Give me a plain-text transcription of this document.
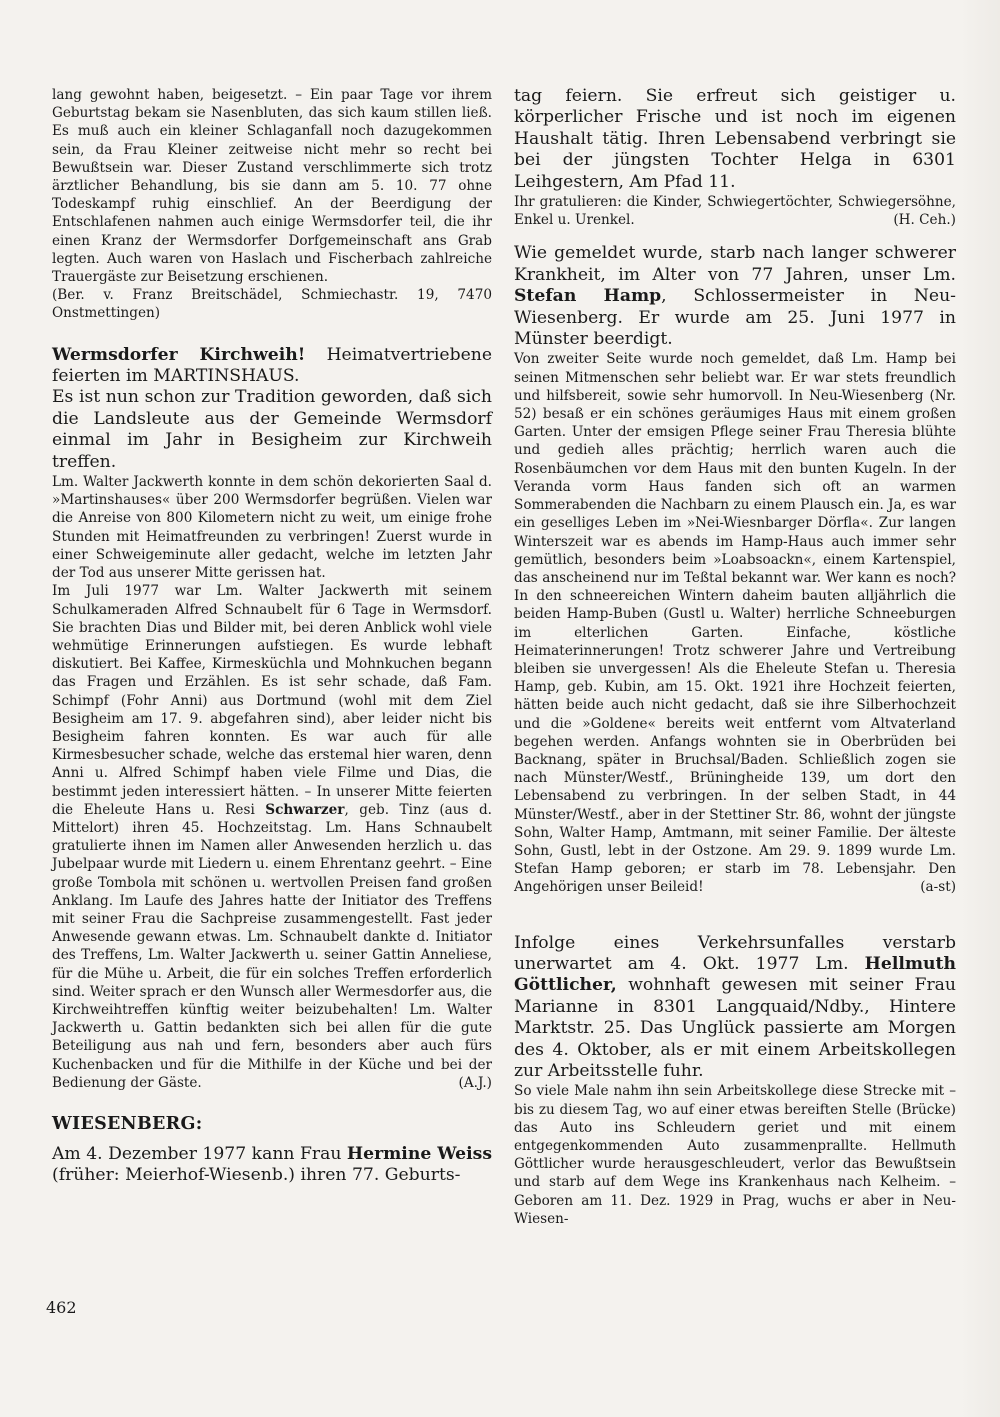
lang gewohnt haben, beigesetzt. – Ein paar Tage vor ihrem Geburtstag bekam sie Nasenbluten, das sich kaum stillen ließ. Es muß auch ein kleiner Schlaganfall noch dazugekommen sein, da Frau Kleiner zeitweise nicht mehr so recht bei Bewußtsein war. Dieser Zustand verschlimmerte sich trotz ärztlicher Behandlung, bis sie dann am 5. 10. 77 ohne Todeskampf ruhig einschlief. An der Beerdigung der Entschlafenen nahmen auch einige Wermsdorfer teil, die ihr einen Kranz der Wermsdorfer Dorfgemeinschaft ans Grab legten. Auch waren von Haslach und Fischerbach zahlreiche Trauergäste zur Beisetzung erschienen.

(Ber. v. Franz Breitschädel, Schmiechastr. 19, 7470 Onstmettingen)

Wermsdorfer Kirchweih! Heimatvertriebene feierten im MARTINSHAUS.

Es ist nun schon zur Tradition geworden, daß sich die Landsleute aus der Gemeinde Wermsdorf einmal im Jahr in Besigheim zur Kirchweih treffen.

Lm. Walter Jackwerth konnte in dem schön dekorierten Saal d. »Martinshauses« über 200 Wermsdorfer begrüßen. Vielen war die Anreise von 800 Kilometern nicht zu weit, um einige frohe Stunden mit Heimatfreunden zu verbringen! Zuerst wurde in einer Schweigeminute aller gedacht, welche im letzten Jahr der Tod aus unserer Mitte gerissen hat.

Im Juli 1977 war Lm. Walter Jackwerth mit seinem Schulkameraden Alfred Schnaubelt für 6 Tage in Wermsdorf. Sie brachten Dias und Bilder mit, bei deren Anblick wohl viele wehmütige Erinnerungen aufstiegen. Es wurde lebhaft diskutiert. Bei Kaffee, Kirmesküchla und Mohnkuchen begann das Fragen und Erzählen. Es ist sehr schade, daß Fam. Schimpf (Fohr Anni) aus Dortmund (wohl mit dem Ziel Besigheim am 17. 9. abgefahren sind), aber leider nicht bis Besigheim fahren konnten. Es war auch für alle Kirmesbesucher schade, welche das erstemal hier waren, denn Anni u. Alfred Schimpf haben viele Filme und Dias, die bestimmt jeden interessiert hätten. – In unserer Mitte feierten die Eheleute Hans u. Resi Schwarzer, geb. Tinz (aus d. Mittelort) ihren 45. Hochzeitstag. Lm. Hans Schnaubelt gratulierte ihnen im Namen aller Anwesenden herzlich u. das Jubelpaar wurde mit Liedern u. einem Ehrentanz geehrt. – Eine große Tombola mit schönen u. wertvollen Preisen fand großen Anklang. Im Laufe des Jahres hatte der Initiator des Treffens mit seiner Frau die Sachpreise zusammengestellt. Fast jeder Anwesende gewann etwas. Lm. Schnaubelt dankte d. Initiator des Treffens, Lm. Walter Jackwerth u. seiner Gattin Anneliese, für die Mühe u. Arbeit, die für ein solches Treffen erforderlich sind. Weiter sprach er den Wunsch aller Wermesdorfer aus, die Kirchweihtreffen künftig weiter beizubehalten! Lm. Walter Jackwerth u. Gattin bedankten sich bei allen für die gute Beteiligung aus nah und fern, besonders aber auch fürs Kuchenbacken und für die Mithilfe in der Küche und bei der Bedienung der Gäste.	(A.J.)

WIESENBERG:

Am 4. Dezember 1977 kann Frau Hermine Weiss (früher: Meierhof-Wiesenb.) ihren 77. Geburts-

tag feiern. Sie erfreut sich geistiger u. körperlicher Frische und ist noch im eigenen Haushalt tätig. Ihren Lebensabend verbringt sie bei der jüngsten Tochter Helga in 6301 Leihgestern, Am Pfad 11.

Ihr gratulieren: die Kinder, Schwiegertöchter, Schwiegersöhne, Enkel u. Urenkel.	(H. Ceh.)

Wie gemeldet wurde, starb nach langer schwerer Krankheit, im Alter von 77 Jahren, unser Lm. Stefan Hamp, Schlossermeister in Neu-Wiesenberg. Er wurde am 25. Juni 1977 in Münster beerdigt.

Von zweiter Seite wurde noch gemeldet, daß Lm. Hamp bei seinen Mitmenschen sehr beliebt war. Er war stets freundlich und hilfsbereit, sowie sehr humorvoll. In Neu-Wiesenberg (Nr. 52) besaß er ein schönes geräumiges Haus mit einem großen Garten. Unter der emsigen Pflege seiner Frau Theresia blühte und gedieh alles prächtig; herrlich waren auch die Rosenbäumchen vor dem Haus mit den bunten Kugeln. In der Veranda vorm Haus fanden sich oft an warmen Sommerabenden die Nachbarn zu einem Plausch ein. Ja, es war ein geselliges Leben im »Nei-Wiesnbarger Dörfla«. Zur langen Winterszeit war es abends im Hamp-Haus auch immer sehr gemütlich, besonders beim »Loabsoackn«, einem Kartenspiel, das anscheinend nur im Teßtal bekannt war. Wer kann es noch? In den schneereichen Wintern daheim bauten alljährlich die beiden Hamp-Buben (Gustl u. Walter) herrliche Schneeburgen im elterlichen Garten. Einfache, köstliche Heimaterinnerungen! Trotz schwerer Jahre und Vertreibung bleiben sie unvergessen! Als die Eheleute Stefan u. Theresia Hamp, geb. Kubin, am 15. Okt. 1921 ihre Hochzeit feierten, hätten beide auch nicht gedacht, daß sie ihre Silberhochzeit und die »Goldene« bereits weit entfernt vom Altvaterland begehen werden. Anfangs wohnten sie in Oberbrüden bei Backnang, später in Bruchsal/Baden. Schließlich zogen sie nach Münster/Westf., Brüningheide 139, um dort den Lebensabend zu verbringen. In der selben Stadt, in 44 Münster/Westf., aber in der Stettiner Str. 86, wohnt der jüngste Sohn, Walter Hamp, Amtmann, mit seiner Familie. Der älteste Sohn, Gustl, lebt in der Ostzone. Am 29. 9. 1899 wurde Lm. Stefan Hamp geboren; er starb im 78. Lebensjahr. Den Angehörigen unser Beileid!	(a-st)

Infolge eines Verkehrsunfalles verstarb unerwartet am 4. Okt. 1977 Lm. Hellmuth Göttlicher, wohnhaft gewesen mit seiner Frau Marianne in 8301 Langquaid/Ndby., Hintere Marktstr. 25. Das Unglück passierte am Morgen des 4. Oktober, als er mit einem Arbeitskollegen zur Arbeitsstelle fuhr.

So viele Male nahm ihn sein Arbeitskollege diese Strecke mit – bis zu diesem Tag, wo auf einer etwas bereiften Stelle (Brücke) das Auto ins Schleudern geriet und mit einem entgegenkommenden Auto zusammenprallte. Hellmuth Göttlicher wurde herausgeschleudert, verlor das Bewußtsein und starb auf dem Wege ins Krankenhaus nach Kelheim. – Geboren am 11. Dez. 1929 in Prag, wuchs er aber in Neu-Wiesen-

462
